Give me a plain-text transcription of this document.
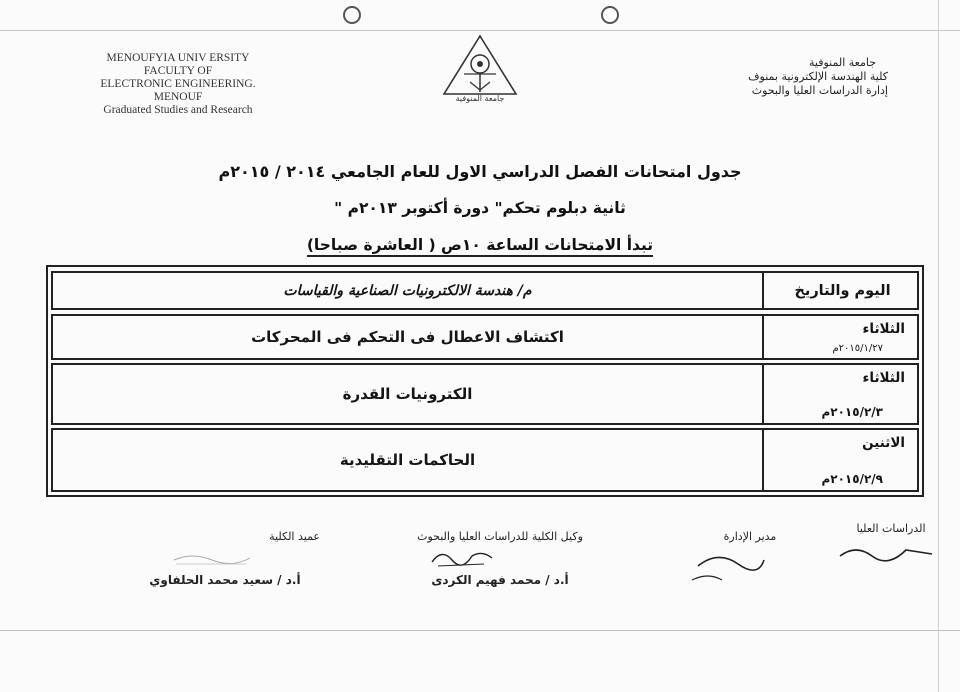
MENOUFYIA UNIV ERSITY
FACULTY OF
ELECTRONIC ENGINEERING.
MENOUF
Graduated Studies and Research
جامعة المنوفية
جامعة المنوفية
كلية الهندسة الإلكترونية بمنوف
إدارة الدراسات العليا والبحوث
جدول امتحانات الفصل الدراسي الاول للعام الجامعي ٢٠١٤ / ٢٠١٥م
ثانية دبلوم تحكم" دورة أكتوبر ٢٠١٣م "
تبدأ الامتحانات الساعة ١٠ص ( العاشرة صباحا)
م/ هندسة الالكترونيات الصناعية والقياسات	اليوم والتاريخ
اكتشاف الاعطال فى التحكم فى المحركات	الثلاثاء
٢٠١٥/١/٢٧م
الكترونيات القدرة
الثلاثاء
٢٠١٥/٢/٣م
الحاكمات التقليدية
الاثنين
٢٠١٥/٢/٩م
عميد الكلية
أ.د / سعيد محمد الحلفاوي
وكيل الكلية للدراسات العليا والبحوث
أ.د / محمد فهيم الكردى
مدير الإدارة
الدراسات العليا
